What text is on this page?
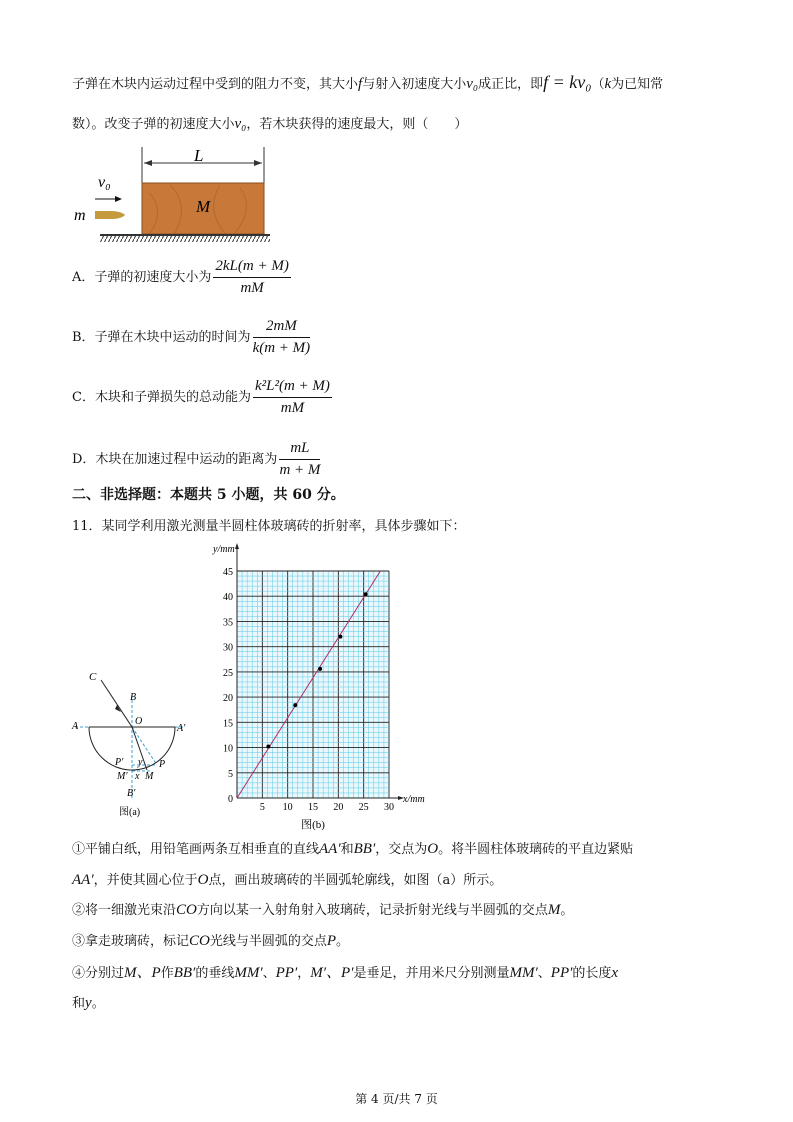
子弹在木块内运动过程中受到的阻力不变，其大小f与射入初速度大小v₀成正比，即f = kv₀（k为已知常
数）。改变子弹的初速度大小v₀，若木块获得的速度最大，则（　　）
L
M
v₀
m
A．子弹的初速度大小为 $\frac{2kL(m + M)}{mM}$
B．子弹在木块中运动的时间为 $\frac{2mM}{k(m + M)}$
C．木块和子弹损失的总动能为 $\frac{\text{k²L²(m + M)}}{mM}$
D．木块在加速过程中运动的距离为 $\frac{mL}{m + M}$
二、非选择题：本题共 5 小题，共 60 分。
11．某同学利用激光测量半圆柱体玻璃砖的折射率，具体步骤如下：
C
B
O
A	A′
P′ y P
M′ x M
B′
图(a)	5 10 15 20 25 30
0
5
10
15
20
25
30
35
40
45
x/mm
y/mm
图(b)
①平铺白纸，用铅笔画两条互相垂直的直线AA′和BB′，交点为O。将半圆柱体玻璃砖的平直边紧贴
AA′，并使其圆心位于O点，画出玻璃砖的半圆弧轮廓线，如图（a）所示。
②将一细激光束沿CO方向以某一入射角射入玻璃砖，记录折射光线与半圆弧的交点M。
③拿走玻璃砖，标记CO光线与半圆弧的交点P。
④分别过M、P作BB′的垂线MM′、PP′，M′、P′是垂足，并用米尺分别测量MM′、PP′的长度x
和y。
第 4 页/共 7 页
